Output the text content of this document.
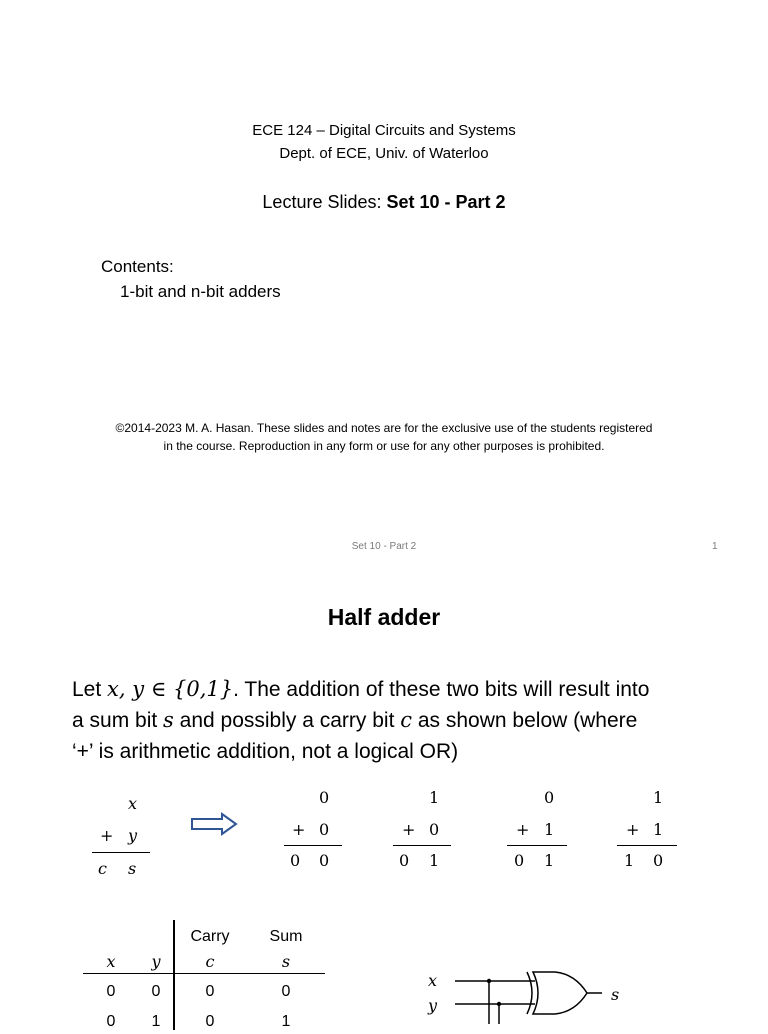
ECE 124 – Digital Circuits and Systems
Dept. of ECE, Univ. of Waterloo
Lecture Slides: Set 10 - Part 2
Contents:
1-bit and n-bit adders
©2014-2023 M. A. Hasan. These slides and notes are for the exclusive use of the students registered
in the course. Reproduction in any form or use for any other purposes is prohibited.
Set 10 - Part 2	1
Half adder
Let x, y ∈ {0,1}. The addition of these two bits will result into
a sum bit s and possibly a carry bit c as shown below (where
‘+’ is arithmetic addition, not a logical OR)
x
+ y
c s
0
+ 0
0 0
1
+ 0
0 1
0
+ 1
0 1
1
+ 1
1 0
		Carry	Sum
x	y	c	s
0	0	0	0
0	1	0	1
x
y
s
